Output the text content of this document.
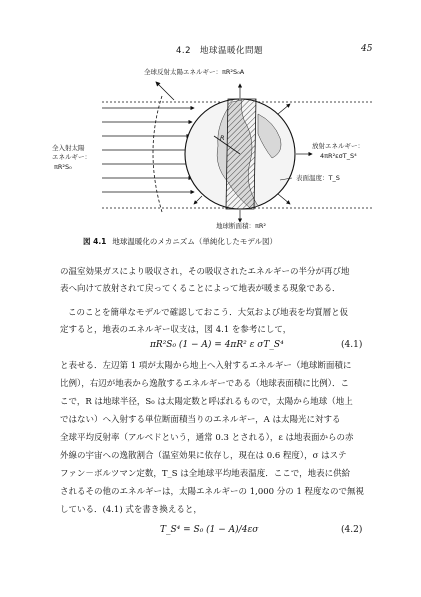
4.2　地球温暖化問題	45
R
全球反射太陽エネルギー：πR²S₀A
全入射太陽
エネルギー：
πR²S₀
放射エネルギー：
4πR²εσT_S⁴
表面温度：T_S
地球断面積：πR²
図 4.1 地球温暖化のメカニズム（単純化したモデル図）
の温室効果ガスにより吸収され，その吸収されたエネルギーの半分が再び地
表へ向けて放射されて戻ってくることによって地表が暖まる現象である．
このことを簡単なモデルで確認しておこう．大気および地表を均質層と仮
定すると，地表のエネルギー収支は，図 4.1 を参考にして，
πR²S₀ (1 − A) = 4πR² ε σT_S⁴	(4.1)
と表せる．左辺第 1 項が太陽から地上へ入射するエネルギー（地球断面積に
比例），右辺が地表から逸散するエネルギーである（地球表面積に比例）．こ
こで，R は地球半径，S₀ は太陽定数と呼ばれるもので，太陽から地球（地上
ではない）へ入射する単位断面積当りのエネルギー，A は太陽光に対する
全球平均反射率（アルベドという，通常 0.3 とされる），ε は地表面からの赤
外線の宇宙への逸散割合（温室効果に依存し，現在は 0.6 程度），σ はステ
ファン－ボルツマン定数，T_S は全地球平均地表温度．ここで，地表に供給
されるその他のエネルギーは，太陽エネルギーの 1,000 分の 1 程度なので無視
している．(4.1) 式を書き換えると，
T_S⁴ = S₀ (1 − A)/4εσ	(4.2)
